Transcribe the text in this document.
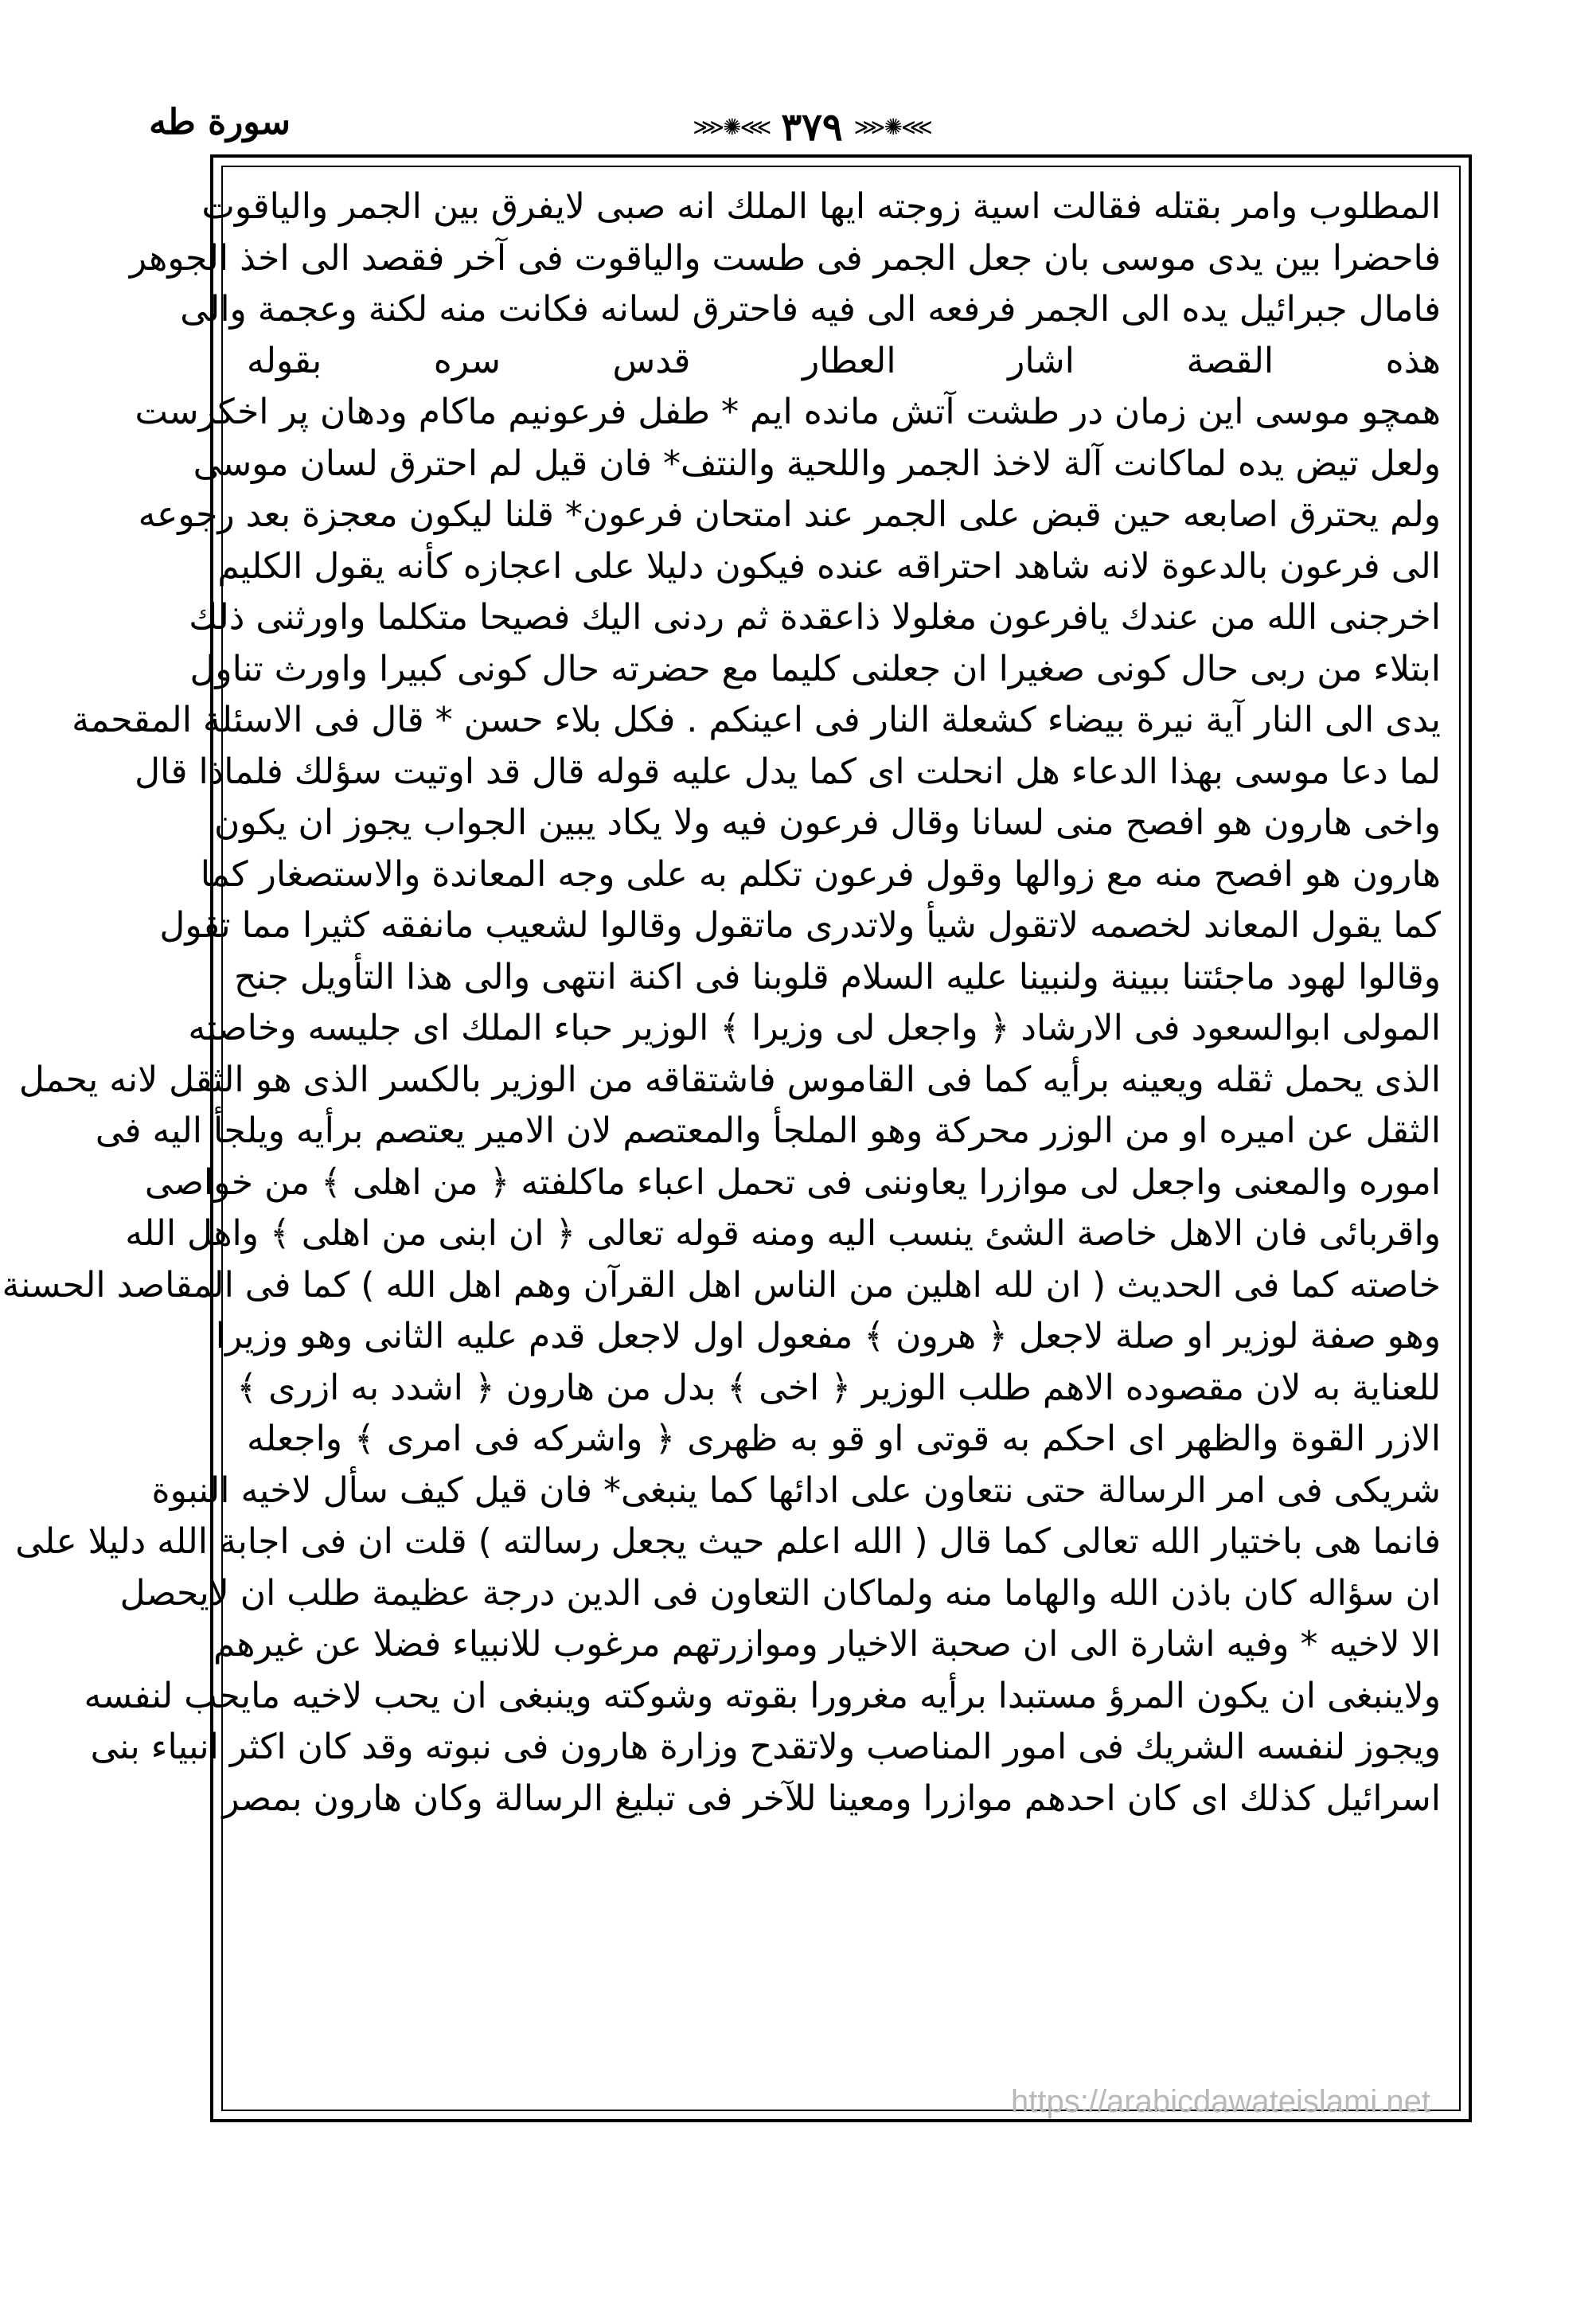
سورة طه	⋙✺⋘ ٣٧٩ ⋙✺⋘
المطلوب وامر بقتله فقالت اسية زوجته ايها الملك انه صبى لايفرق بين الجمر والياقوت
فاحضرا بين يدى موسى بان جعل الجمر فى طست والياقوت فى آخر فقصد الى اخذ الجوهر
فامال جبرائيل يده الى الجمر فرفعه الى فيه فاحترق لسانه فكانت منه لكنة وعجمة والى
هذه القصة اشار العطار قدس سره بقوله
همچو موسى اين زمان در طشت آتش مانده ايم * طفل فرعونيم ماكام ودهان پر اخكرست
ولعل تيض يده لماكانت آلة لاخذ الجمر واللحية والنتف* فان قيل لم احترق لسان موسى
ولم يحترق اصابعه حين قبض على الجمر عند امتحان فرعون* قلنا ليكون معجزة بعد رجوعه
الى فرعون بالدعوة لانه شاهد احتراقه عنده فيكون دليلا على اعجازه كأنه يقول الكليم
اخرجنى الله من عندك يافرعون مغلولا ذاعقدة ثم ردنى اليك فصيحا متكلما واورثنى ذلك
ابتلاء من ربى حال كونى صغيرا ان جعلنى كليما مع حضرته حال كونى كبيرا واورث تناول
يدى الى النار آية نيرة بيضاء كشعلة النار فى اعينكم . فكل بلاء حسن * قال فى الاسئلة المقحمة
لما دعا موسى بهذا الدعاء هل انحلت اى كما يدل عليه قوله قال قد اوتيت سؤلك فلماذا قال
واخى هارون هو افصح منى لسانا وقال فرعون فيه ولا يكاد يبين الجواب يجوز ان يكون
هارون هو افصح منه مع زوالها وقول فرعون تكلم به على وجه المعاندة والاستصغار كما
كما يقول المعاند لخصمه لاتقول شيأ ولاتدرى ماتقول وقالوا لشعيب مانفقه كثيرا مما تقول
وقالوا لهود ماجئتنا ببينة ولنبينا عليه السلام قلوبنا فى اكنة انتهى والى هذا التأويل جنح
المولى ابوالسعود فى الارشاد ﴿ واجعل لى وزيرا ﴾ الوزير حباء الملك اى جليسه وخاصته
الذى يحمل ثقله ويعينه برأيه كما فى القاموس فاشتقاقه من الوزير بالكسر الذى هو الثقل لانه يحمل
الثقل عن اميره او من الوزر محركة وهو الملجأ والمعتصم لان الامير يعتصم برأيه ويلجأ اليه فى
اموره والمعنى واجعل لى موازرا يعاوننى فى تحمل اعباء ماكلفته ﴿ من اهلى ﴾ من خواصى
واقربائى فان الاهل خاصة الشئ ينسب اليه ومنه قوله تعالى ﴿ ان ابنى من اهلى ﴾ واهل الله
خاصته كما فى الحديث ( ان لله اهلين من الناس اهل القرآن وهم اهل الله ) كما فى المقاصد الحسنة
وهو صفة لوزير او صلة لاجعل ﴿ هرون ﴾ مفعول اول لاجعل قدم عليه الثانى وهو وزيرا
للعناية به لان مقصوده الاهم طلب الوزير ﴿ اخى ﴾ بدل من هارون ﴿ اشدد به ازرى ﴾
الازر القوة والظهر اى احكم به قوتى او قو به ظهرى ﴿ واشركه فى امرى ﴾ واجعله
شريكى فى امر الرسالة حتى نتعاون على ادائها كما ينبغى* فان قيل كيف سأل لاخيه النبوة
فانما هى باختيار الله تعالى كما قال ( الله اعلم حيث يجعل رسالته ) قلت ان فى اجابة الله دليلا على
ان سؤاله كان باذن الله والهاما منه ولماكان التعاون فى الدين درجة عظيمة طلب ان لايحصل
الا لاخيه * وفيه اشارة الى ان صحبة الاخيار وموازرتهم مرغوب للانبياء فضلا عن غيرهم
ولاينبغى ان يكون المرؤ مستبدا برأيه مغرورا بقوته وشوكته وينبغى ان يحب لاخيه مايحب لنفسه
ويجوز لنفسه الشريك فى امور المناصب ولاتقدح وزارة هارون فى نبوته وقد كان اكثر انبياء بنى
اسرائيل كذلك اى كان احدهم موازرا ومعينا للآخر فى تبليغ الرسالة وكان هارون بمصر
https://arabicdawateislami.net
